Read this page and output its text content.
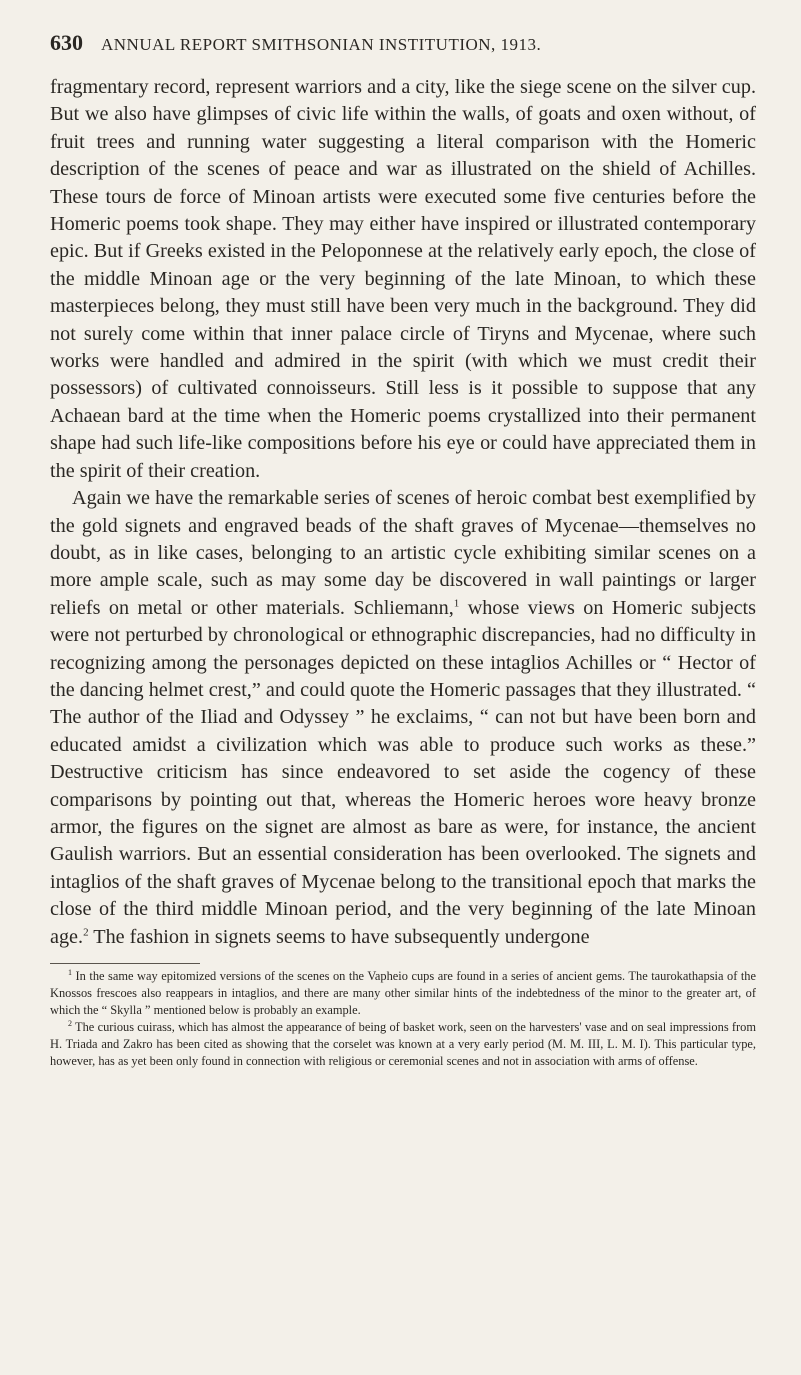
630 ANNUAL REPORT SMITHSONIAN INSTITUTION, 1913.

fragmentary record, represent warriors and a city, like the siege scene on the silver cup. But we also have glimpses of civic life within the walls, of goats and oxen without, of fruit trees and running water suggesting a literal comparison with the Homeric description of the scenes of peace and war as illustrated on the shield of Achilles. These tours de force of Minoan artists were executed some five centuries before the Homeric poems took shape. They may either have inspired or illustrated contemporary epic. But if Greeks existed in the Peloponnese at the relatively early epoch, the close of the middle Minoan age or the very beginning of the late Minoan, to which these masterpieces belong, they must still have been very much in the background. They did not surely come within that inner palace circle of Tiryns and Mycenae, where such works were handled and admired in the spirit (with which we must credit their possessors) of cultivated connoisseurs. Still less is it possible to suppose that any Achaean bard at the time when the Homeric poems crystallized into their permanent shape had such life-like compositions before his eye or could have appreciated them in the spirit of their creation.

Again we have the remarkable series of scenes of heroic combat best exemplified by the gold signets and engraved beads of the shaft graves of Mycenae—themselves no doubt, as in like cases, belonging to an artistic cycle exhibiting similar scenes on a more ample scale, such as may some day be discovered in wall paintings or larger reliefs on metal or other materials. Schliemann,$^1$ whose views on Homeric subjects were not perturbed by chronological or ethnographic discrepancies, had no difficulty in recognizing among the personages depicted on these intaglios Achilles or “ Hector of the dancing helmet crest,” and could quote the Homeric passages that they illustrated. “ The author of the Iliad and Odyssey ” he exclaims, “ can not but have been born and educated amidst a civilization which was able to produce such works as these.” Destructive criticism has since endeavored to set aside the cogency of these comparisons by pointing out that, whereas the Homeric heroes wore heavy bronze armor, the figures on the signet are almost as bare as were, for instance, the ancient Gaulish warriors. But an essential consideration has been overlooked. The signets and intaglios of the shaft graves of Mycenae belong to the transitional epoch that marks the close of the third middle Minoan period, and the very beginning of the late Minoan age.$^2$ The fashion in signets seems to have subsequently undergone

$^1$ In the same way epitomized versions of the scenes on the Vapheio cups are found in a series of ancient gems. The taurokathapsia of the Knossos frescoes also reappears in intaglios, and there are many other similar hints of the indebtedness of the minor to the greater art, of which the “ Skylla ” mentioned below is probably an example.

$^2$ The curious cuirass, which has almost the appearance of being of basket work, seen on the harvesters' vase and on seal impressions from H. Triada and Zakro has been cited as showing that the corselet was known at a very early period (M. M. III, L. M. I). This particular type, however, has as yet been only found in connection with religious or ceremonial scenes and not in association with arms of offense.
